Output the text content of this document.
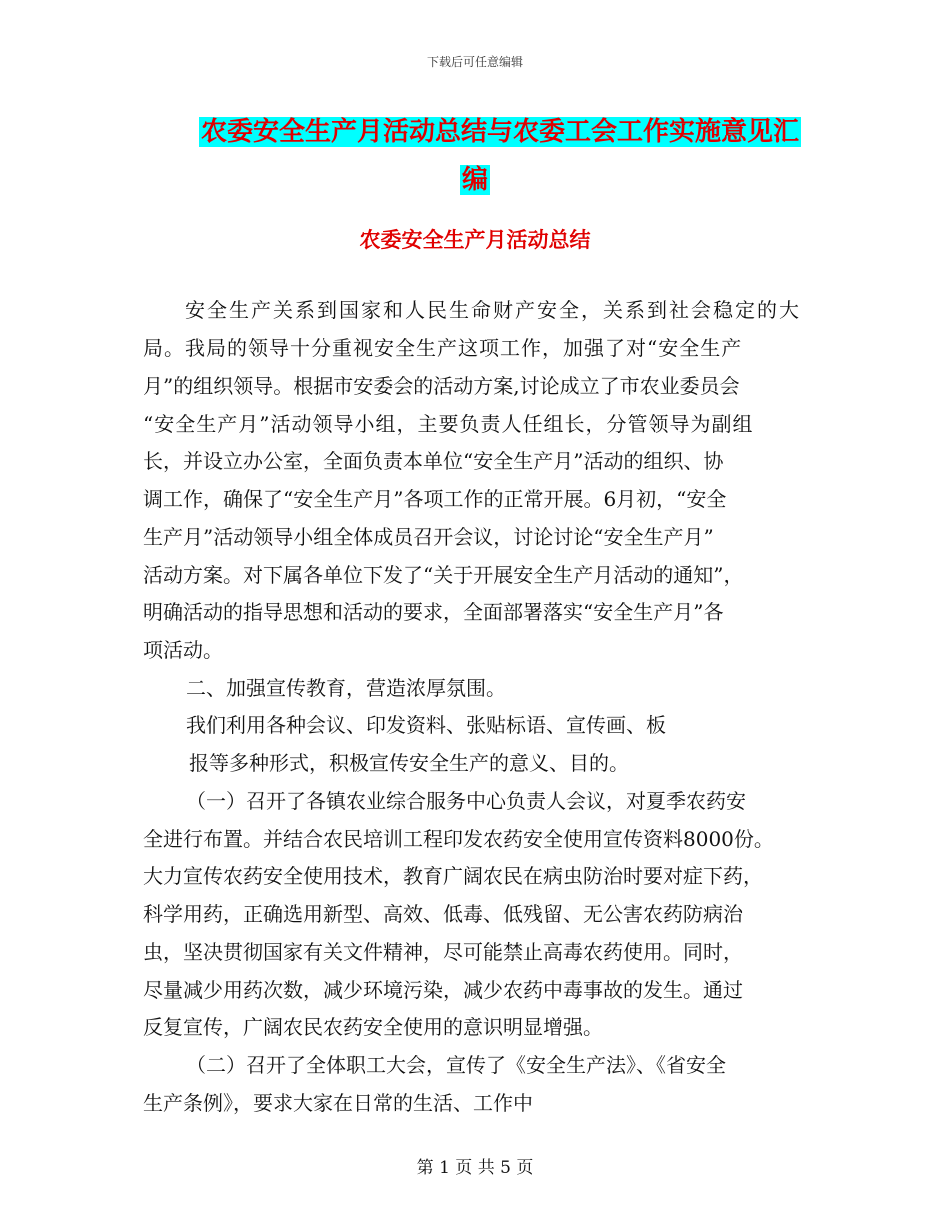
下载后可任意编辑
农委安全生产月活动总结与农委工会工作实施意见汇
编
农委安全生产月活动总结
安全生产关系到国家和人民生命财产安全，关系到社会稳定的大
局。我局的领导十分重视安全生产这项工作，加强了对“安全生产
月”的组织领导。根据市安委会的活动方案,讨论成立了市农业委员会
“安全生产月”活动领导小组，主要负责人任组长，分管领导为副组
长，并设立办公室，全面负责本单位“安全生产月”活动的组织、协
调工作，确保了“安全生产月”各项工作的正常开展。6月初，“安全
生产月”活动领导小组全体成员召开会议，讨论讨论“安全生产月”
活动方案。对下属各单位下发了“关于开展安全生产月活动的通知”，
明确活动的指导思想和活动的要求，全面部署落实“安全生产月”各
项活动。
二、加强宣传教育，营造浓厚氛围。
我们利用各种会议、印发资料、张贴标语、宣传画、板
报等多种形式，积极宣传安全生产的意义、目的。
（一）召开了各镇农业综合服务中心负责人会议，对夏季农药安
全进行布置。并结合农民培训工程印发农药安全使用宣传资料8000份。
大力宣传农药安全使用技术，教育广阔农民在病虫防治时要对症下药，
科学用药，正确选用新型、高效、低毒、低残留、无公害农药防病治
虫，坚决贯彻国家有关文件精神，尽可能禁止高毒农药使用。同时，
尽量减少用药次数，减少环境污染，减少农药中毒事故的发生。通过
反复宣传，广阔农民农药安全使用的意识明显增强。
（二）召开了全体职工大会，宣传了《安全生产法》、《省安全
生产条例》，要求大家在日常的生活、工作中
第 1 页 共 5 页
